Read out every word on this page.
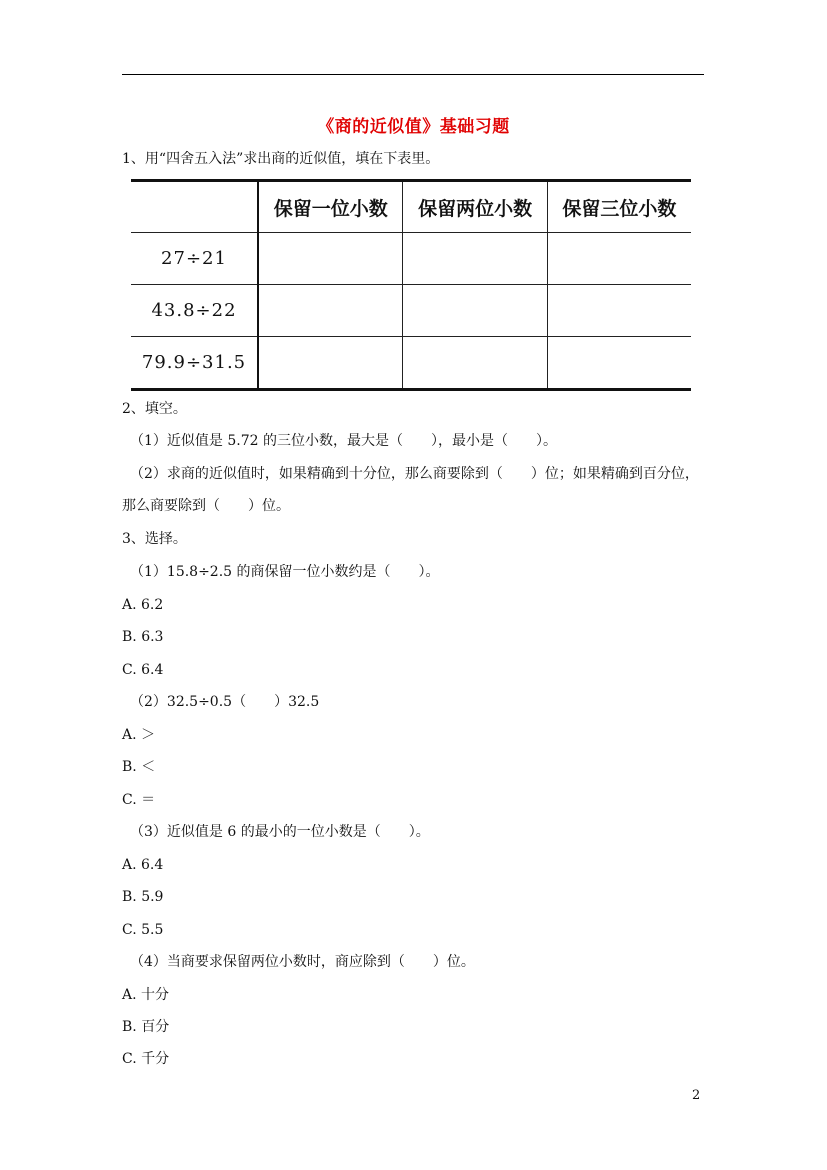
《商的近似值》基础习题
1、用“四舍五入法”求出商的近似值，填在下表里。
	保留一位小数	保留两位小数	保留三位小数
27÷21			
43.8÷22			
79.9÷31.5			
2、填空。
（1）近似值是 5.72 的三位小数，最大是（　　），最小是（　　）。
（2）求商的近似值时，如果精确到十分位，那么商要除到（　　）位；如果精确到百分位，
那么商要除到（　　）位。
3、选择。
（1）15.8÷2.5 的商保留一位小数约是（　　）。
A. 6.2
B. 6.3
C. 6.4
（2）32.5÷0.5（　　）32.5
A. ＞
B. ＜
C. ＝
（3）近似值是 6 的最小的一位小数是（　　）。
A. 6.4
B. 5.9
C. 5.5
（4）当商要求保留两位小数时，商应除到（　　）位。
A. 十分
B. 百分
C. 千分
2
